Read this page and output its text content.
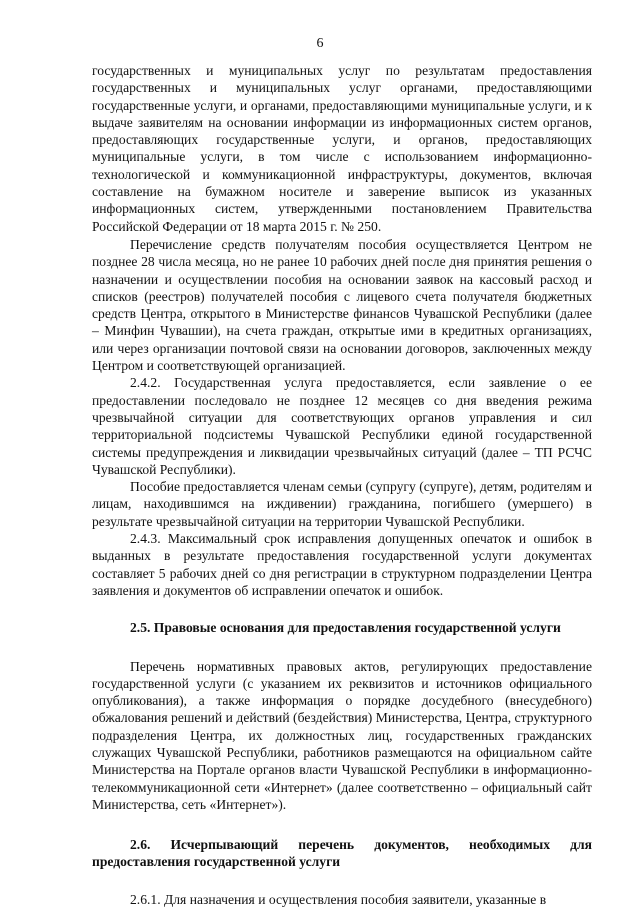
6

государственных и муниципальных услуг по результатам предоставления государственных и муниципальных услуг органами, предоставляющими государственные услуги, и органами, предоставляющими муниципальные услуги, и к выдаче заявителям на основании информации из информационных систем органов, предоставляющих государственные услуги, и органов, предоставляющих муниципальные услуги, в том числе с использованием информационно-технологической и коммуникационной инфраструктуры, документов, включая составление на бумажном носителе и заверение выписок из указанных информационных систем, утвержденными постановлением Правительства Российской Федерации от 18 марта 2015 г. № 250.

Перечисление средств получателям пособия осуществляется Центром не позднее 28 числа месяца, но не ранее 10 рабочих дней после дня принятия решения о назначении и осуществлении пособия на основании заявок на кассовый расход и списков (реестров) получателей пособия с лицевого счета получателя бюджетных средств Центра, открытого в Министерстве финансов Чувашской Республики (далее – Минфин Чувашии), на счета граждан, открытые ими в кредитных организациях, или через организации почтовой связи на основании договоров, заключенных между Центром и соответствующей организацией.

2.4.2. Государственная услуга предоставляется, если заявление о ее предоставлении последовало не позднее 12 месяцев со дня введения режима чрезвычайной ситуации для соответствующих органов управления и сил территориальной подсистемы Чувашской Республики единой государственной системы предупреждения и ликвидации чрезвычайных ситуаций (далее – ТП РСЧС Чувашской Республики).

Пособие предоставляется членам семьи (супругу (супруге), детям, родителям и лицам, находившимся на иждивении) гражданина, погибшего (умершего) в результате чрезвычайной ситуации на территории Чувашской Республики.

2.4.3. Максимальный срок исправления допущенных опечаток и ошибок в выданных в результате предоставления государственной услуги документах составляет 5 рабочих дней со дня регистрации в структурном подразделении Центра заявления и документов об исправлении опечаток и ошибок.

2.5. Правовые основания для предоставления государственной услуги

Перечень нормативных правовых актов, регулирующих предоставление государственной услуги (с указанием их реквизитов и источников официального опубликования), а также информация о порядке досудебного (внесудебного) обжалования решений и действий (бездействия) Министерства, Центра, структурного подразделения Центра, их должностных лиц, государственных гражданских служащих Чувашской Республики, работников размещаются на официальном сайте Министерства на Портале органов власти Чувашской Республики в информационно-телекоммуникационной сети «Интернет» (далее соответственно – официальный сайт Министерства, сеть «Интернет»).

2.6. Исчерпывающий перечень документов, необходимых для предоставления государственной услуги

2.6.1. Для назначения и осуществления пособия заявители, указанные в
